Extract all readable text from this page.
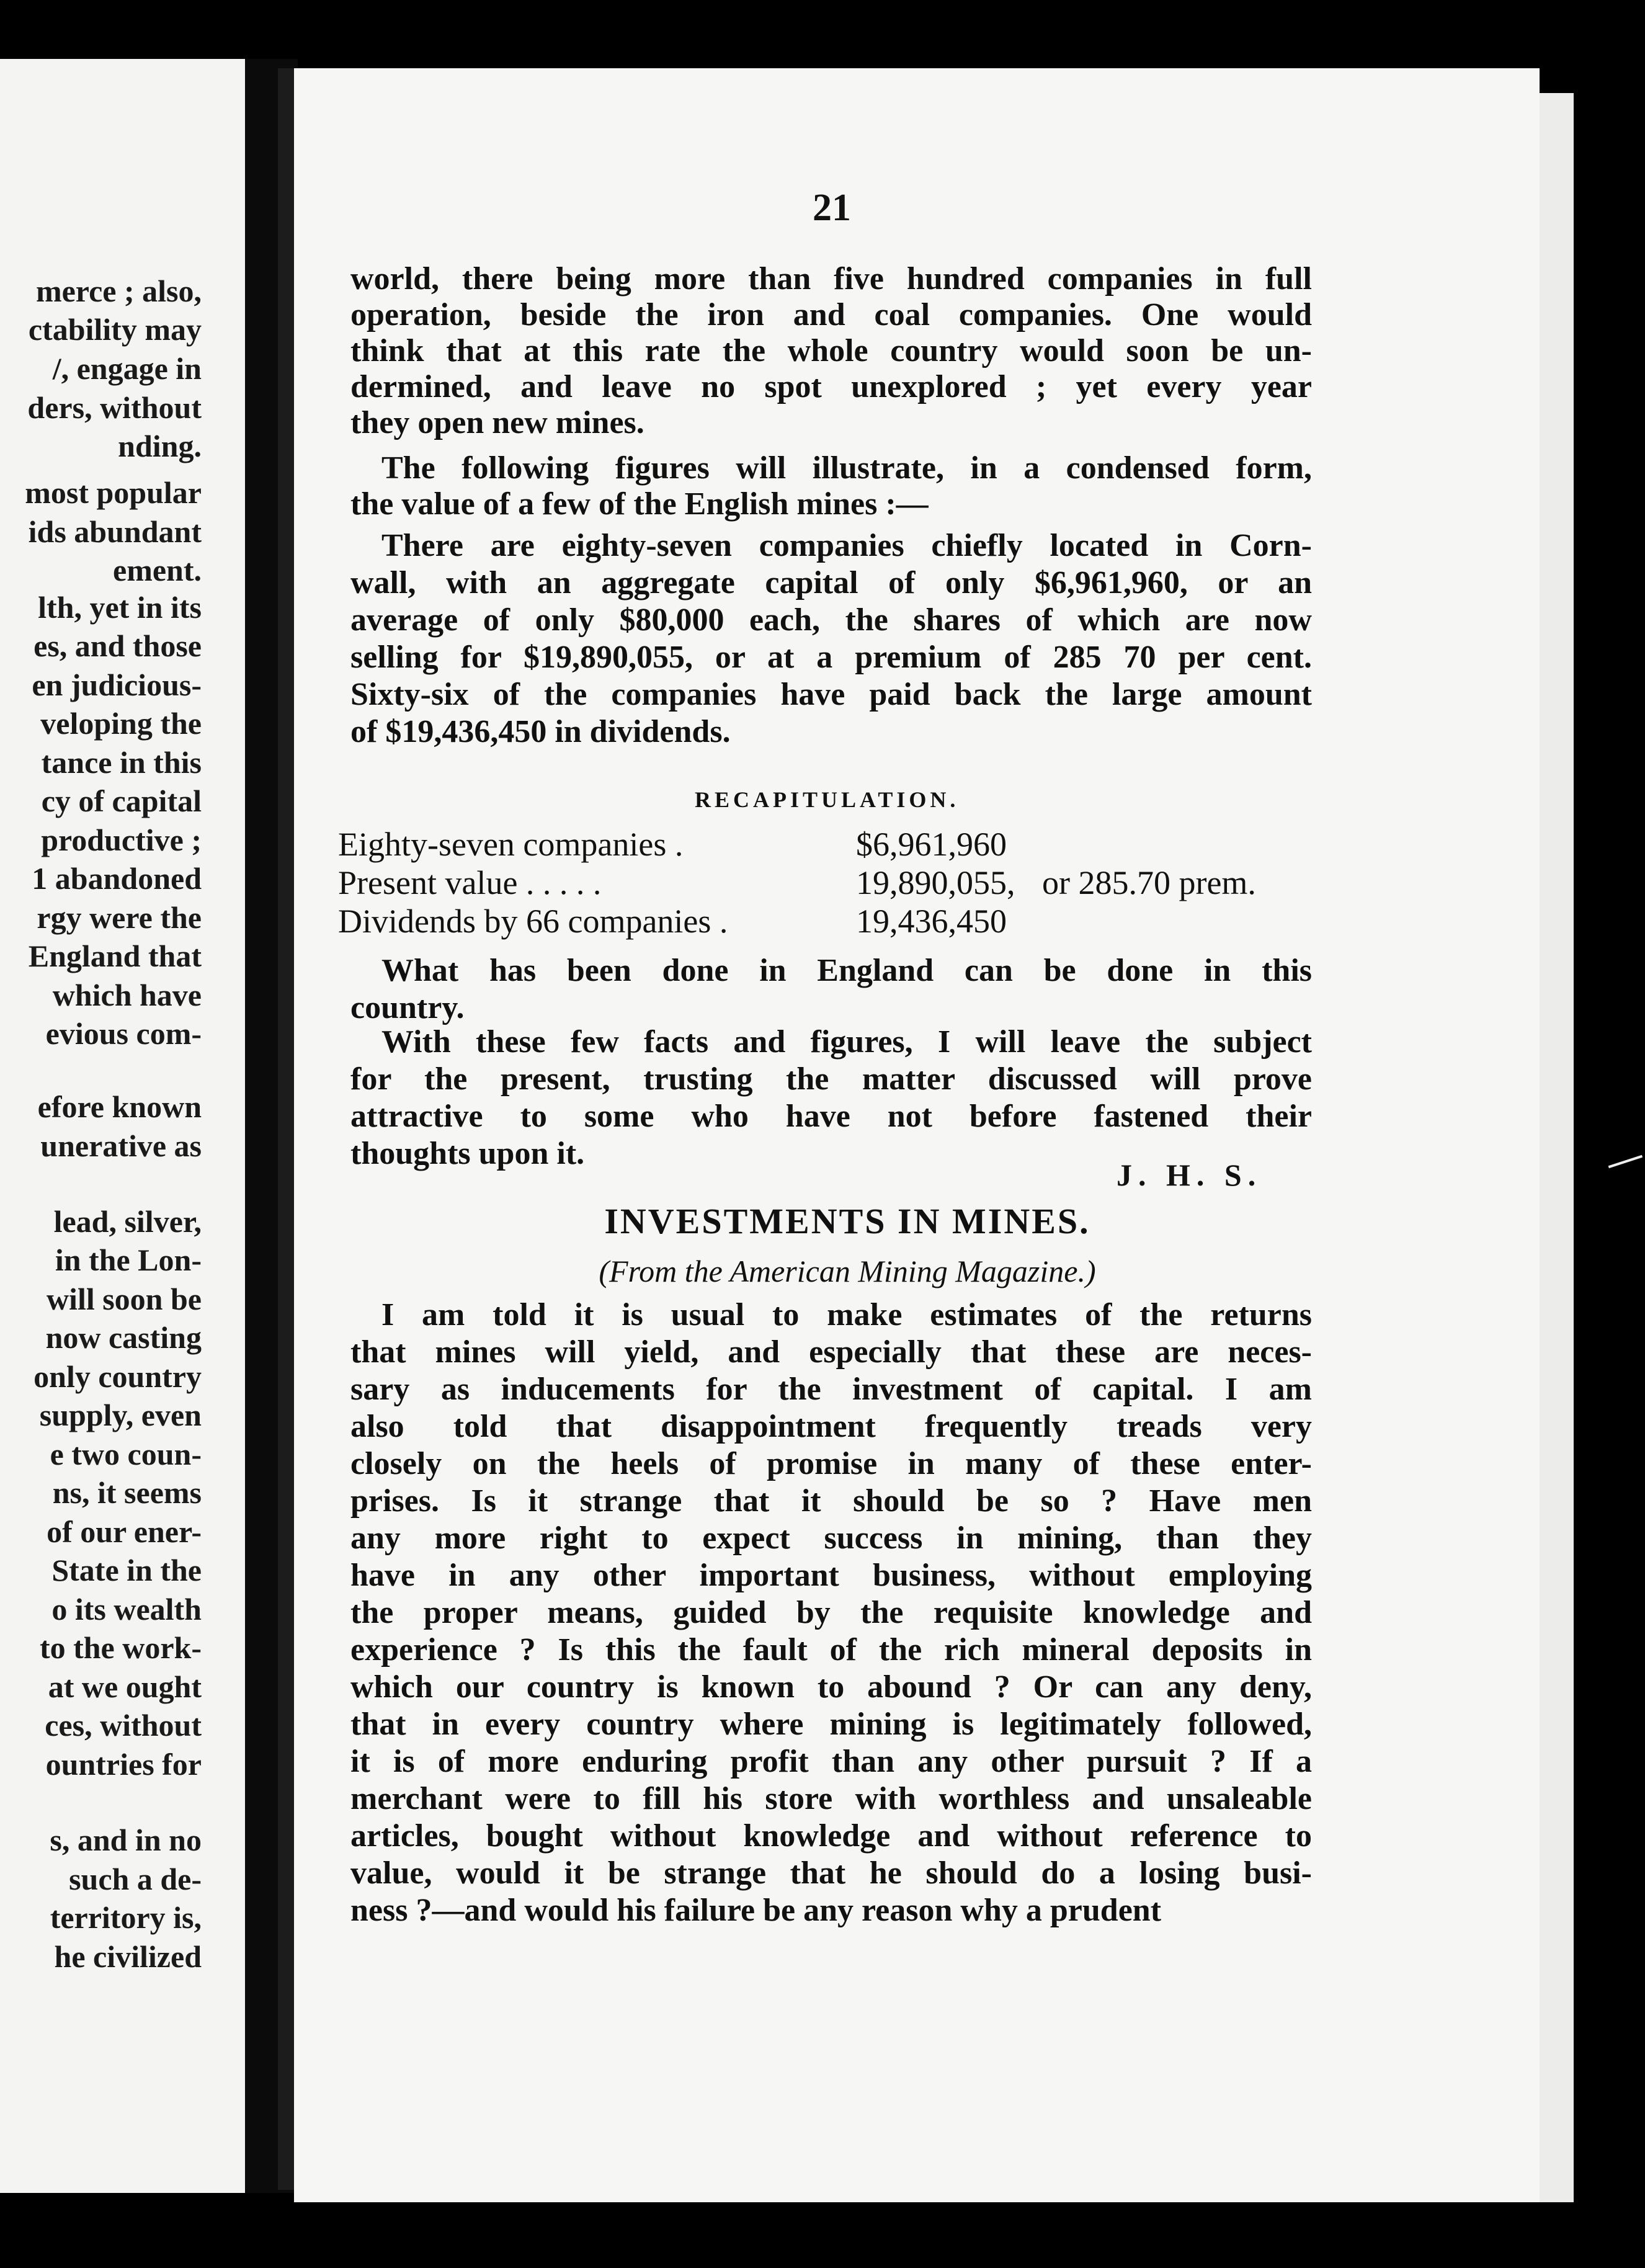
merce ; also,
ctability may
/, engage in
ders, without
nding.
most popular
ids abundant
ement.
lth, yet in its
es, and those
en judicious-
veloping the
tance in this
cy of capital
productive ;
1 abandoned
rgy were the
England that
which have
evious com-
efore known
unerative as
lead, silver,
in the Lon-
will soon be
now casting
only country
supply, even
e two coun-
ns, it seems
of our ener-
State in the
o its wealth
to the work-
at we ought
ces, without
ountries for
s, and in no
such a de-
territory is,
he civilized
21
world, there being more than five hundred companies in full
operation, beside the iron and coal companies. One would
think that at this rate the whole country would soon be un-
dermined, and leave no spot unexplored ; yet every year
they open new mines.
The following figures will illustrate, in a condensed form,
the value of a few of the English mines :—
There are eighty-seven companies chiefly located in Corn-
wall, with an aggregate capital of only $6,961,960, or an
average of only $80,000 each, the shares of which are now
selling for $19,890,055, or at a premium of 285 70 per cent.
Sixty-six of the companies have paid back the large amount
of $19,436,450 in dividends.
What has been done in England can be done in this
country.
With these few facts and figures, I will leave the subject
for the present, trusting the matter discussed will prove
attractive to some who have not before fastened their
thoughts upon it.
I am told it is usual to make estimates of the returns
that mines will yield, and especially that these are neces-
sary as inducements for the investment of capital. I am
also told that disappointment frequently treads very
closely on the heels of promise in many of these enter-
prises. Is it strange that it should be so ? Have men
any more right to expect success in mining, than they
have in any other important business, without employing
the proper means, guided by the requisite knowledge and
experience ? Is this the fault of the rich mineral deposits in
which our country is known to abound ? Or can any deny,
that in every country where mining is legitimately followed,
it is of more enduring profit than any other pursuit ? If a
merchant were to fill his store with worthless and unsaleable
articles, bought without knowledge and without reference to
value, would it be strange that he should do a losing busi-
ness ?—and would his failure be any reason why a prudent
RECAPITULATION.
Eighty-seven companies .	$6,961,960
Present value . . . . .	19,890,055, or 285.70 prem.
Dividends by 66 companies .	19,436,450
J. H. S.
INVESTMENTS IN MINES.
(From the American Mining Magazine.)
